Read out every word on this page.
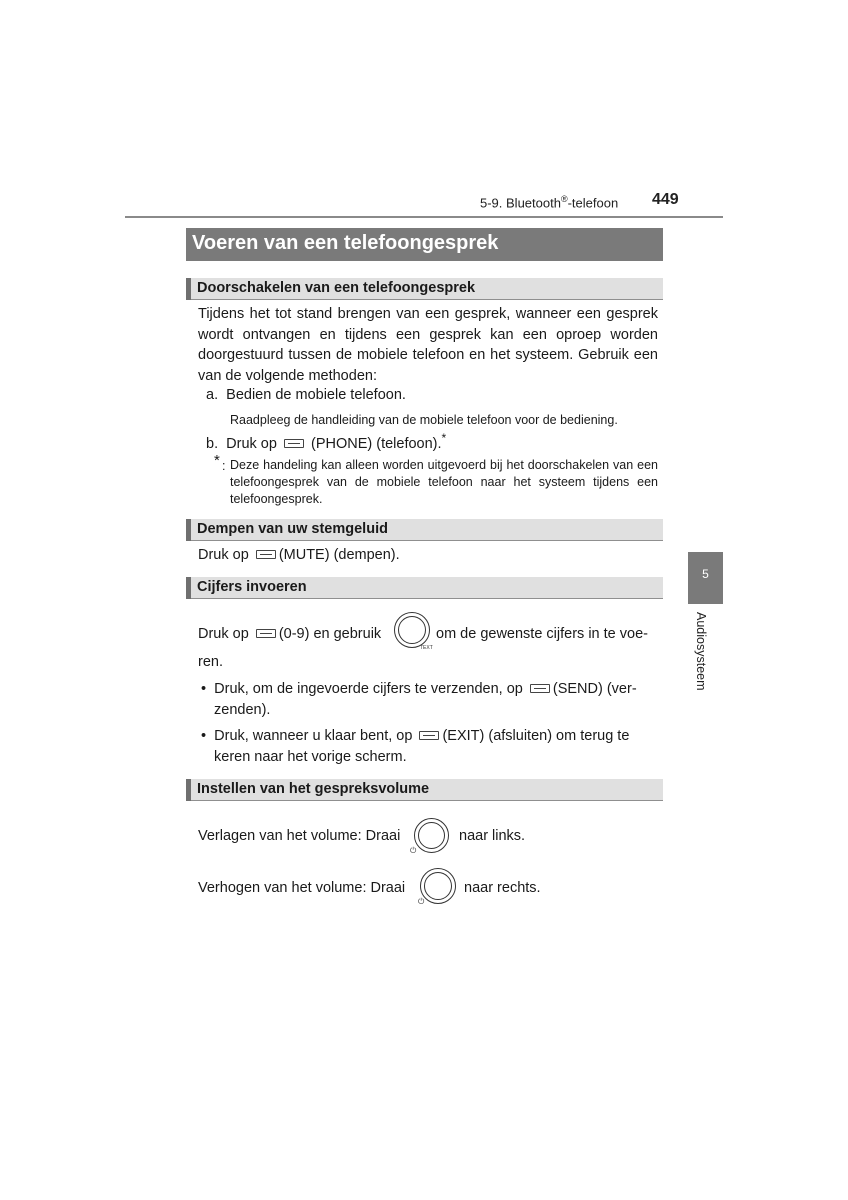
5-9. Bluetooth®-telefoon 449
Voeren van een telefoongesprek
Doorschakelen van een telefoongesprek
Tijdens het tot stand brengen van een gesprek, wanneer een gesprek wordt ontvangen en tijdens een gesprek kan een oproep worden doorgestuurd tussen de mobiele telefoon en het systeem. Gebruik een van de volgende methoden:
a. Bedien de mobiele telefoon.
Raadpleeg de handleiding van de mobiele telefoon voor de bediening.
b. Druk op (PHONE) (telefoon).*
* : Deze handeling kan alleen worden uitgevoerd bij het doorschakelen van een telefoongesprek van de mobiele telefoon naar het systeem tijdens een telefoongesprek.
Dempen van uw stemgeluid
Druk op (MUTE) (dempen).
Cijfers invoeren
Druk op (0-9) en gebruik
TEXT
om de gewenste cijfers in te voe-
ren.
• Druk, om de ingevoerde cijfers te verzenden, op (SEND) (ver-
zenden).
• Druk, wanneer u klaar bent, op (EXIT) (afsluiten) om terug te
keren naar het vorige scherm.
Instellen van het gespreksvolume
Verlagen van het volume: Draai
⏻
naar links.
Verhogen van het volume: Draai
⏻
naar rechts.
5
Audiosysteem
